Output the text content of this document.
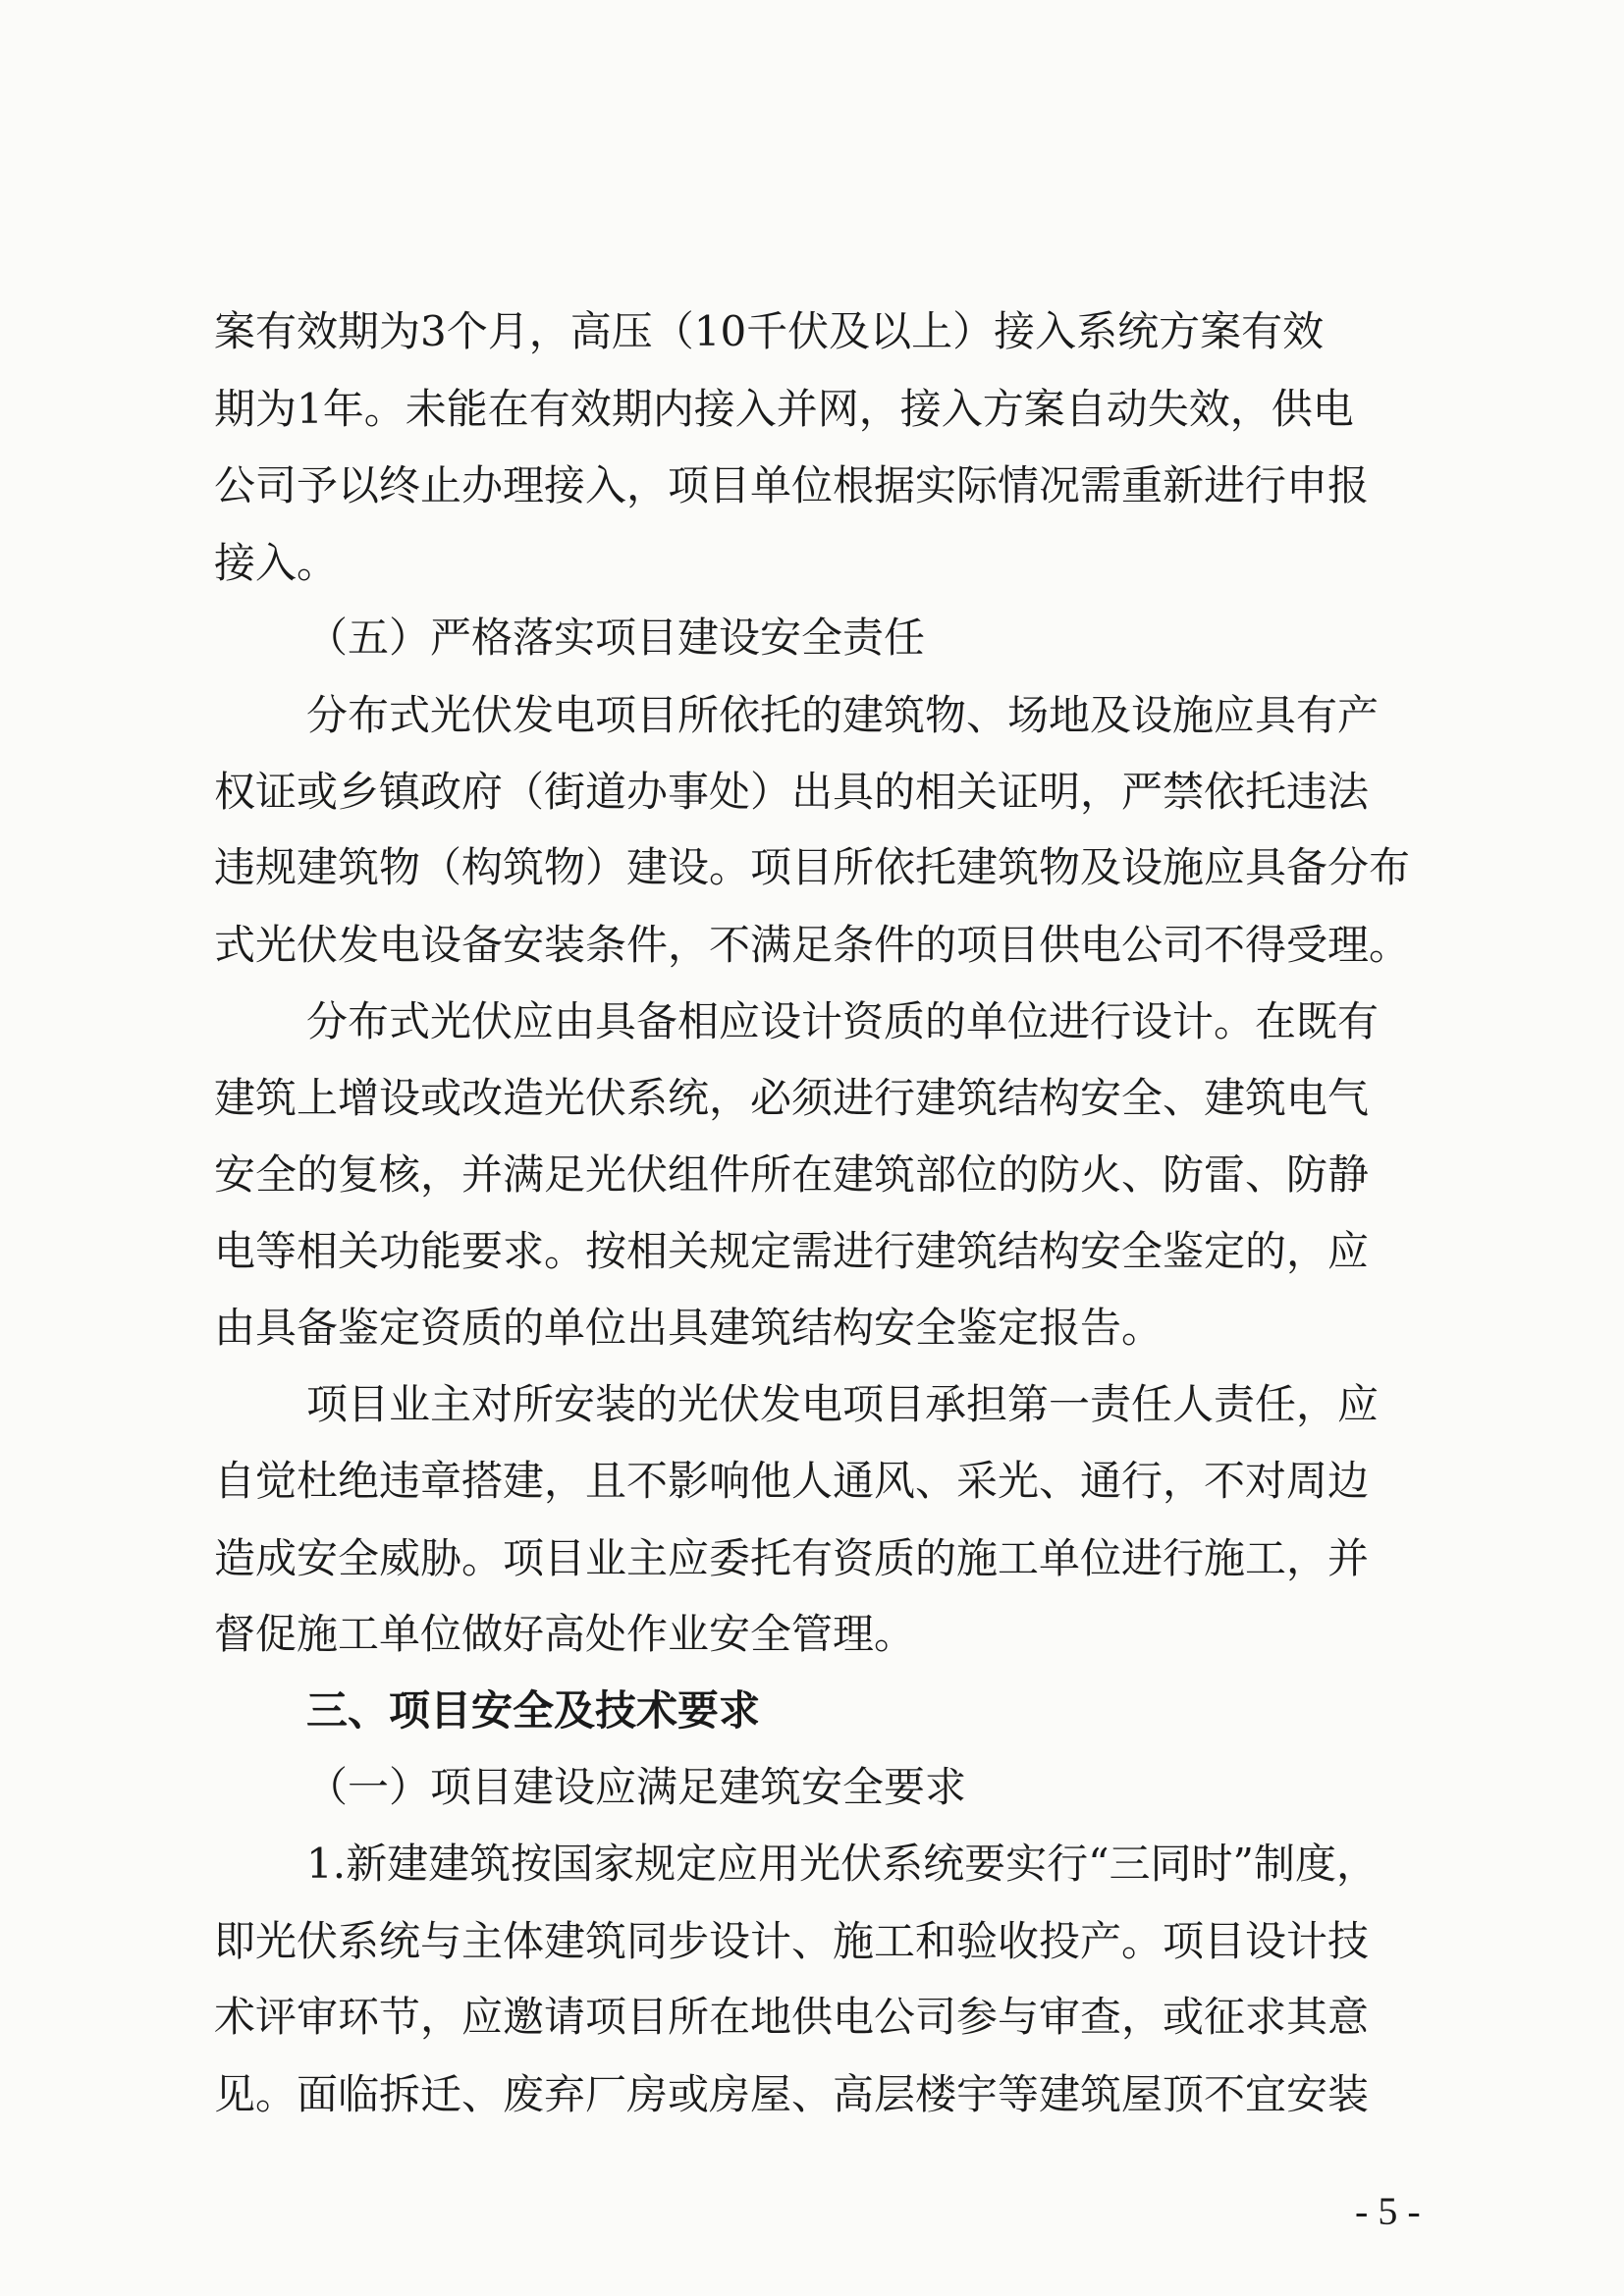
案有效期为3个月，高压（10千伏及以上）接入系统方案有效
期为1年。未能在有效期内接入并网，接入方案自动失效，供电
公司予以终止办理接入，项目单位根据实际情况需重新进行申报
接入。
（五）严格落实项目建设安全责任
分布式光伏发电项目所依托的建筑物、场地及设施应具有产
权证或乡镇政府（街道办事处）出具的相关证明，严禁依托违法
违规建筑物（构筑物）建设。项目所依托建筑物及设施应具备分布
式光伏发电设备安装条件，不满足条件的项目供电公司不得受理。
分布式光伏应由具备相应设计资质的单位进行设计。在既有
建筑上增设或改造光伏系统，必须进行建筑结构安全、建筑电气
安全的复核，并满足光伏组件所在建筑部位的防火、防雷、防静
电等相关功能要求。按相关规定需进行建筑结构安全鉴定的，应
由具备鉴定资质的单位出具建筑结构安全鉴定报告。
项目业主对所安装的光伏发电项目承担第一责任人责任，应
自觉杜绝违章搭建，且不影响他人通风、采光、通行，不对周边
造成安全威胁。项目业主应委托有资质的施工单位进行施工，并
督促施工单位做好高处作业安全管理。
三、项目安全及技术要求
（一）项目建设应满足建筑安全要求
1.新建建筑按国家规定应用光伏系统要实行“三同时”制度，
即光伏系统与主体建筑同步设计、施工和验收投产。项目设计技
术评审环节，应邀请项目所在地供电公司参与审查，或征求其意
见。面临拆迁、废弃厂房或房屋、高层楼宇等建筑屋顶不宜安装
- 5 -
